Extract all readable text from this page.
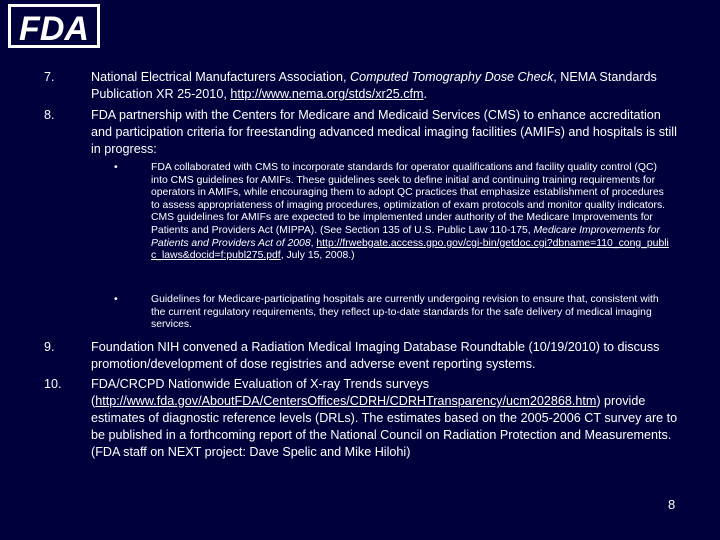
FDA
7.	National Electrical Manufacturers Association, Computed Tomography Dose Check, NEMA Standards Publication XR 25-2010, http://www.nema.org/stds/xr25.cfm.
8.	FDA partnership with the Centers for Medicare and Medicaid Services (CMS) to enhance accreditation and participation criteria for freestanding advanced medical imaging facilities (AMIFs) and hospitals is still in progress:
•	FDA collaborated with CMS to incorporate standards for operator qualifications and facility quality control (QC) into CMS guidelines for AMIFs. These guidelines seek to define initial and continuing training requirements for operators in AMIFs, while encouraging them to adopt QC practices that emphasize establishment of procedures to assess appropriateness of imaging procedures, optimization of exam protocols and monitor quality indicators. CMS guidelines for AMIFs are expected to be implemented under authority of the Medicare Improvements for Patients and Providers Act (MIPPA). (See Section 135 of U.S. Public Law 110-175, Medicare Improvements for Patients and Providers Act of 2008, http://frwebgate.access.gpo.gov/cgi-bin/getdoc.cgi?dbname=110_cong_public_laws&docid=f:publ275.pdf, July 15, 2008.)
•	Guidelines for Medicare-participating hospitals are currently undergoing revision to ensure that, consistent with the current regulatory requirements, they reflect up-to-date standards for the safe delivery of medical imaging services.
9.	Foundation NIH convened a Radiation Medical Imaging Database Roundtable (10/19/2010) to discuss promotion/development of dose registries and adverse event reporting systems.
10. FDA/CRCPD Nationwide Evaluation of X-ray Trends surveys (http://www.fda.gov/AboutFDA/CentersOffices/CDRH/CDRHTransparency/ucm202868.htm) provide estimates of diagnostic reference levels (DRLs). The estimates based on the 2005-2006 CT survey are to be published in a forthcoming report of the National Council on Radiation Protection and Measurements. (FDA staff on NEXT project: Dave Spelic and Mike Hilohi)
8
